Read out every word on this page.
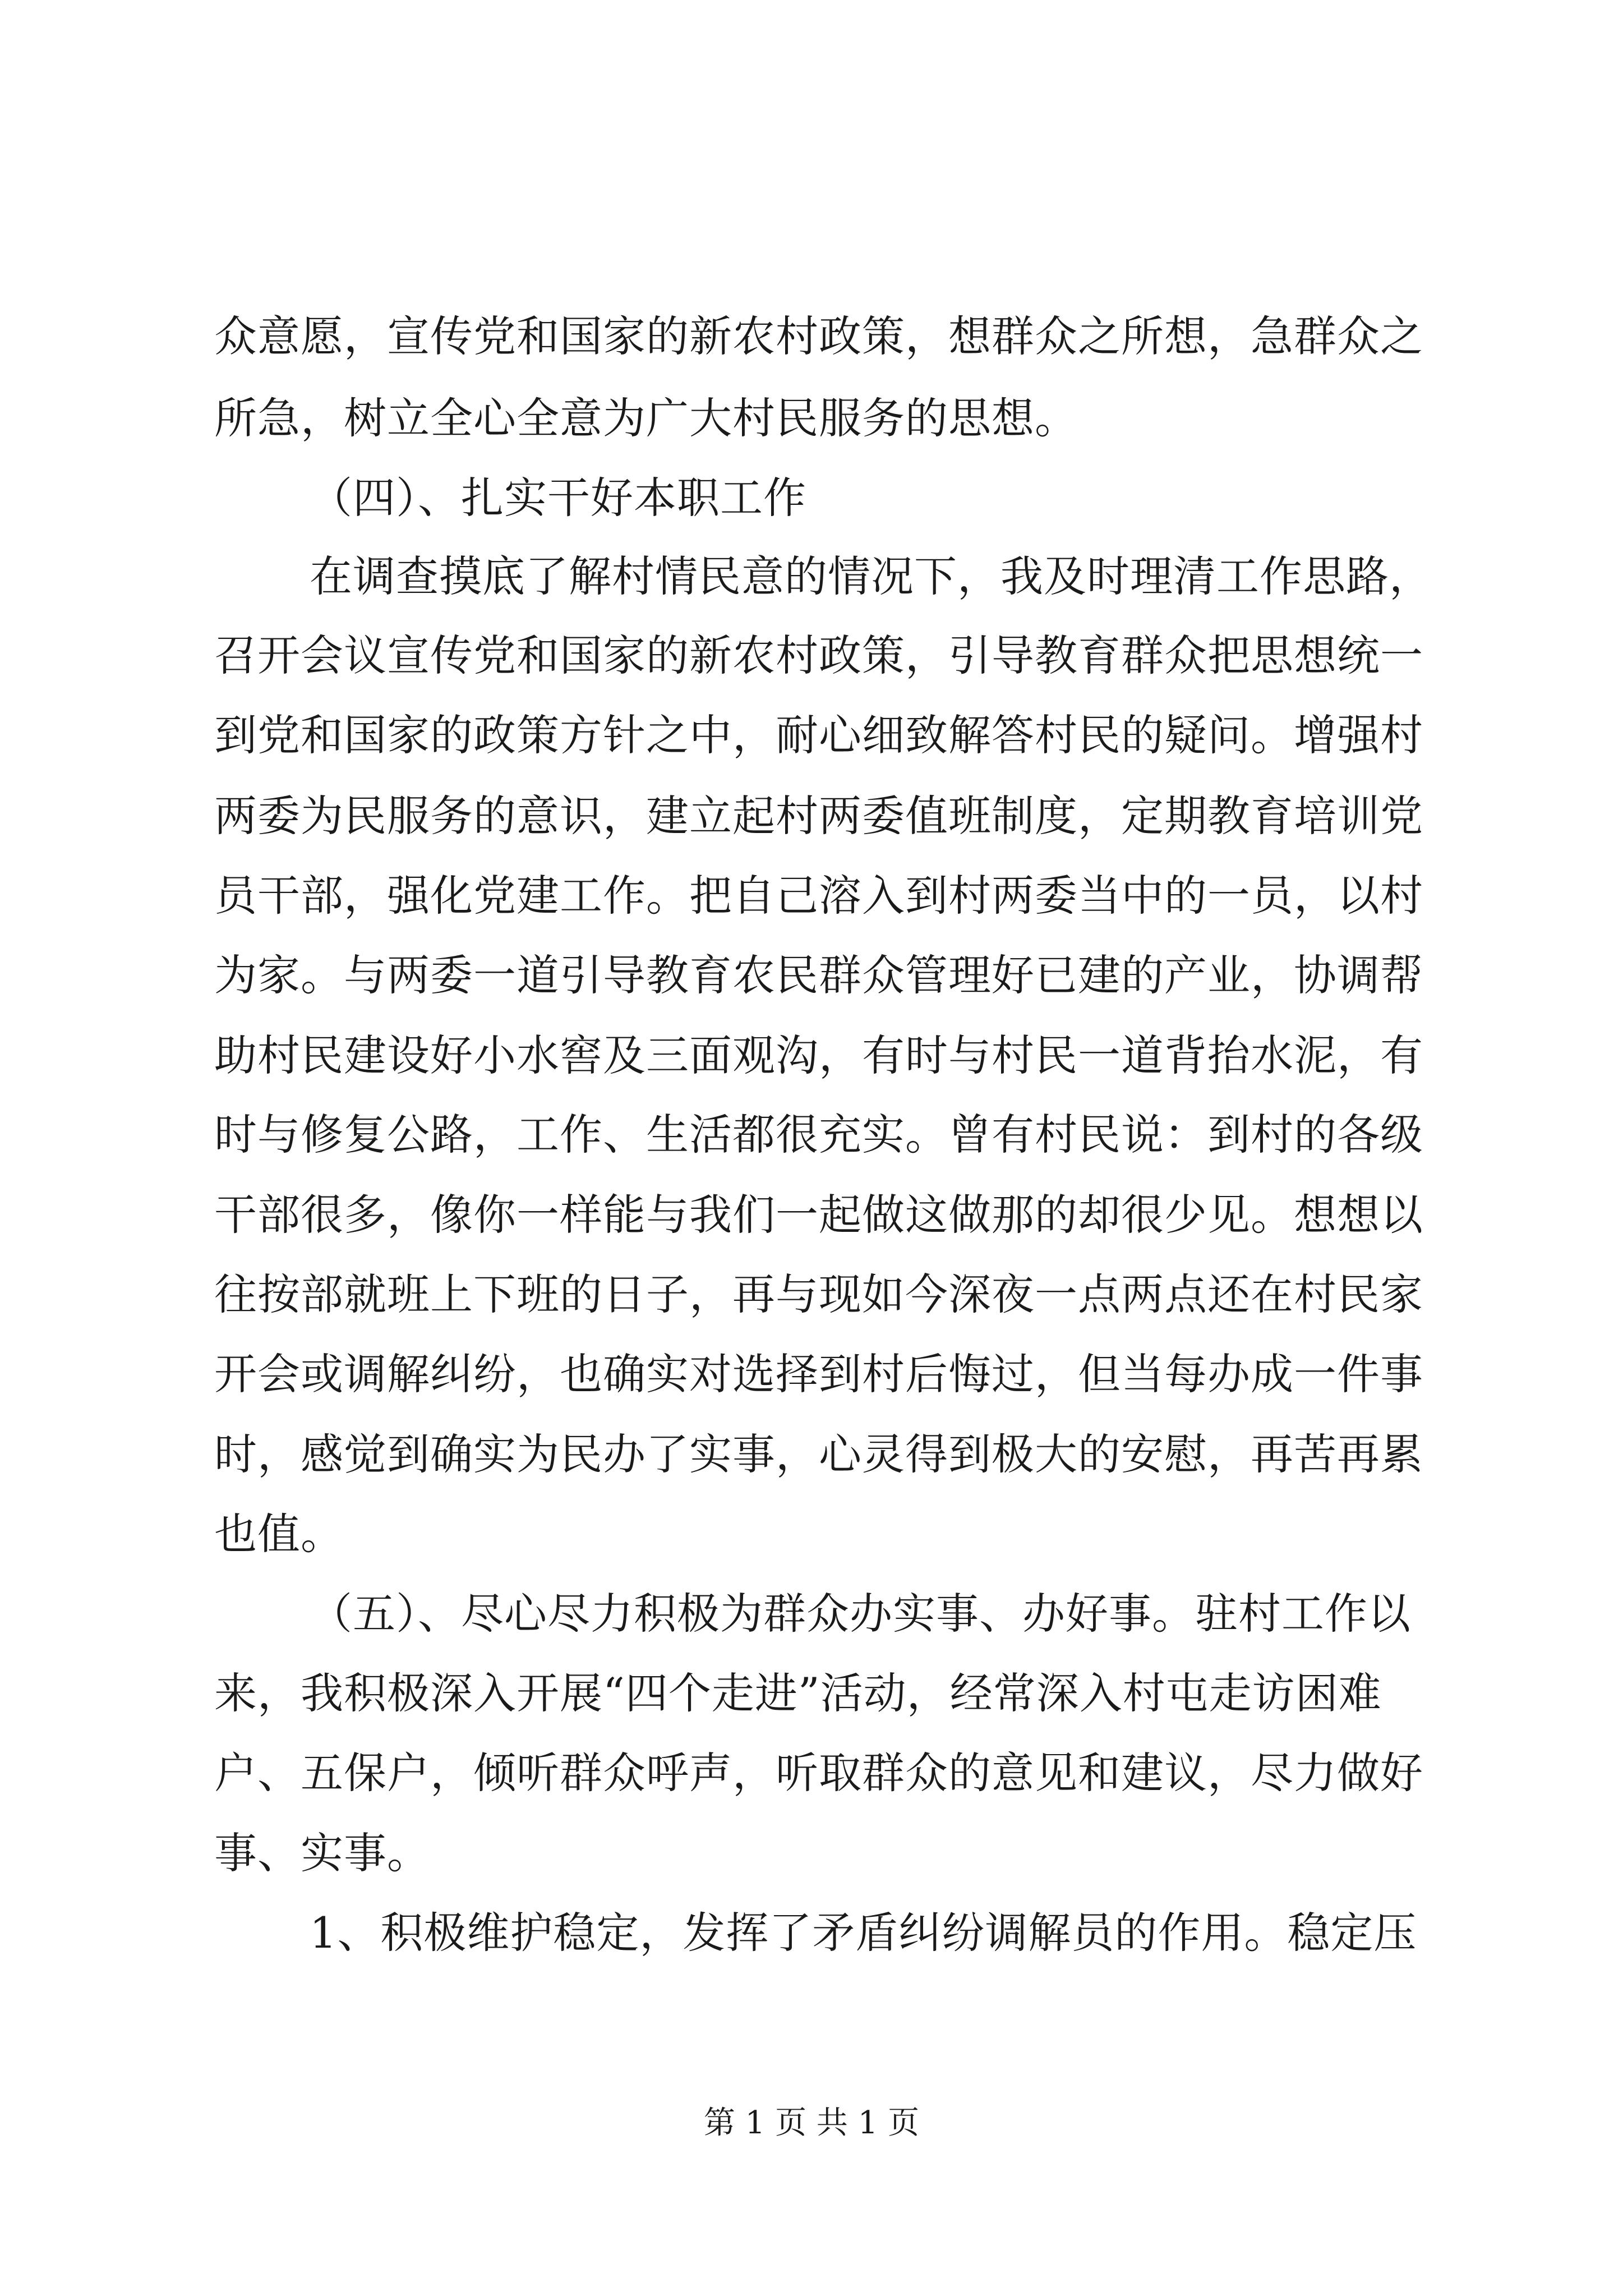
众意愿，宣传党和国家的新农村政策，想群众之所想，急群众之
所急，树立全心全意为广大村民服务的思想。
（四）、扎实干好本职工作
在调查摸底了解村情民意的情况下，我及时理清工作思路，
召开会议宣传党和国家的新农村政策，引导教育群众把思想统一
到党和国家的政策方针之中，耐心细致解答村民的疑问。增强村
两委为民服务的意识，建立起村两委值班制度，定期教育培训党
员干部，强化党建工作。把自己溶入到村两委当中的一员，以村
为家。与两委一道引导教育农民群众管理好已建的产业，协调帮
助村民建设好小水窖及三面观沟，有时与村民一道背抬水泥，有
时与修复公路，工作、生活都很充实。曾有村民说：到村的各级
干部很多，像你一样能与我们一起做这做那的却很少见。想想以
往按部就班上下班的日子，再与现如今深夜一点两点还在村民家
开会或调解纠纷，也确实对选择到村后悔过，但当每办成一件事
时，感觉到确实为民办了实事，心灵得到极大的安慰，再苦再累
也值。
（五）、尽心尽力积极为群众办实事、办好事。驻村工作以
来，我积极深入开展“四个走进”活动，经常深入村屯走访困难
户、五保户，倾听群众呼声，听取群众的意见和建议，尽力做好
事、实事。
1、积极维护稳定，发挥了矛盾纠纷调解员的作用。稳定压
第 1 页 共 1 页
